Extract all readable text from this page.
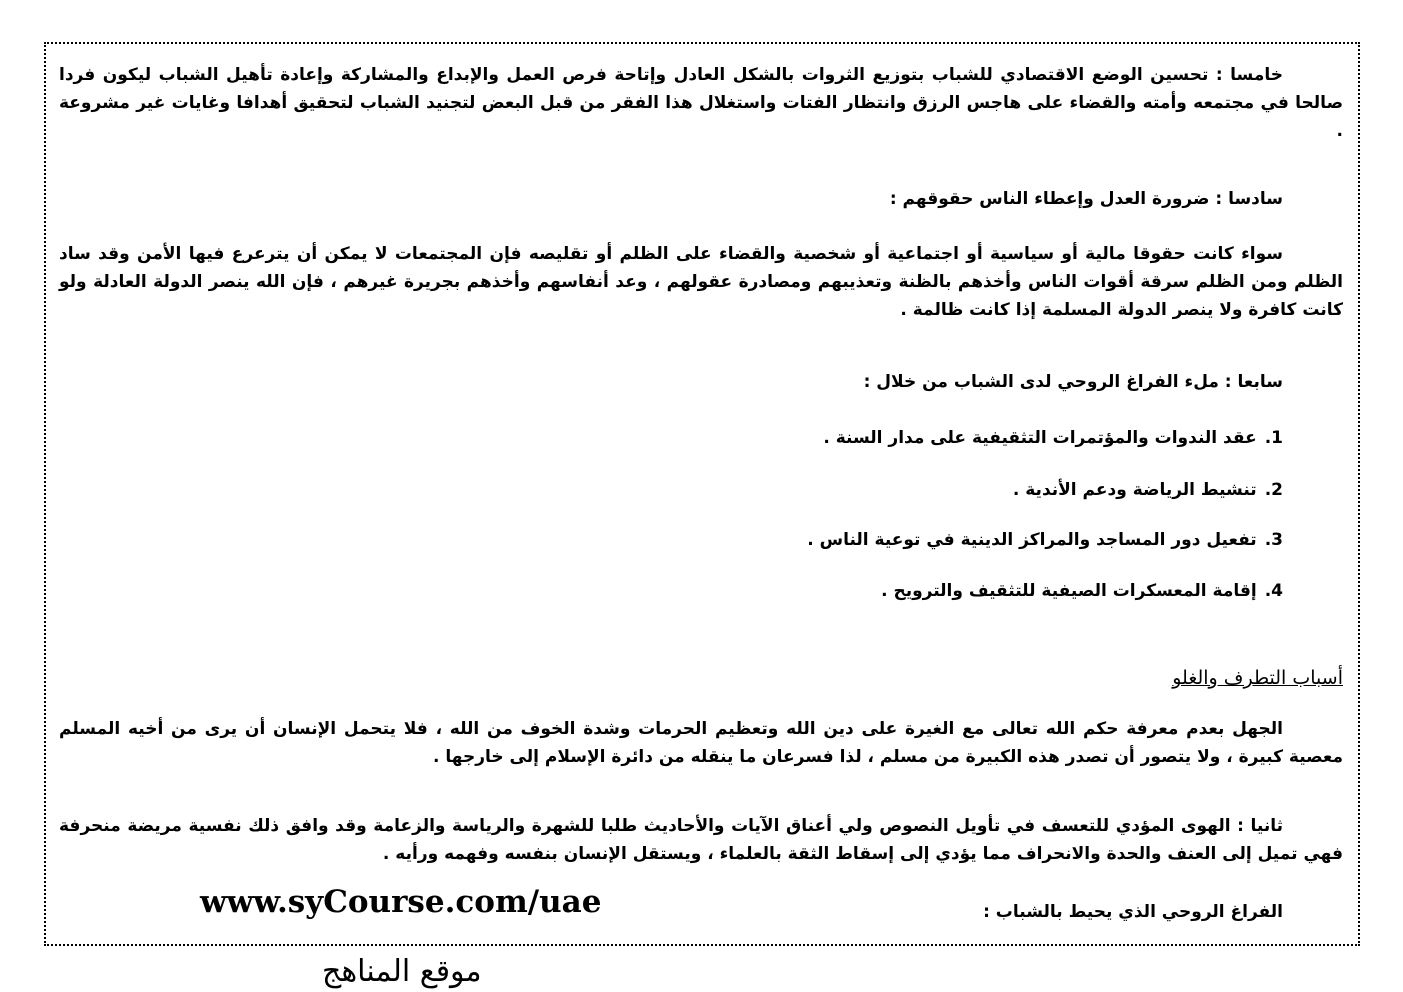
خامسا : تحسين الوضع الاقتصادي للشباب بتوزيع الثروات بالشكل العادل وإتاحة فرص العمل والإبداع والمشاركة وإعادة تأهيل الشباب ليكون فردا صالحا في مجتمعه وأمته والقضاء على هاجس الرزق وانتظار الفتات واستغلال هذا الفقر من قبل البعض لتجنيد الشباب لتحقيق أهدافا وغايات غير مشروعة .

سادسا : ضرورة العدل وإعطاء الناس حقوقهم :

سواء كانت حقوقا مالية أو سياسية أو اجتماعية أو شخصية والقضاء على الظلم أو تقليصه فإن المجتمعات لا يمكن أن يترعرع فيها الأمن وقد ساد الظلم ومن الظلم سرقة أقوات الناس وأخذهم بالظنة وتعذيبهم ومصادرة عقولهم ، وعد أنفاسهم وأخذهم بجريرة غيرهم ، فإن الله ينصر الدولة العادلة ولو كانت كافرة ولا ينصر الدولة المسلمة إذا كانت ظالمة .

سابعا : ملء الفراغ الروحي لدى الشباب من خلال :

1.
عقد الندوات والمؤتمرات التثقيفية على مدار السنة .
2.
تنشيط الرياضة ودعم الأندية .
3.
تفعيل دور المساجد والمراكز الدينية في توعية الناس .
4.
إقامة المعسكرات الصيفية للتثقيف والترويح .

أسباب التطرف والغلو

الجهل بعدم معرفة حكم الله تعالى مع الغيرة على دين الله وتعظيم الحرمات وشدة الخوف من الله ، فلا يتحمل الإنسان أن يرى من أخيه المسلم معصية كبيرة ، ولا يتصور أن تصدر هذه الكبيرة من مسلم ، لذا فسرعان ما ينقله من دائرة الإسلام إلى خارجها .

ثانيا : الهوى المؤدي للتعسف في تأويل النصوص ولي أعناق الآيات والأحاديث طلبا للشهرة والرياسة والزعامة وقد وافق ذلك نفسية مريضة منحرفة فهي تميل إلى العنف والحدة والانحراف مما يؤدي إلى إسقاط الثقة بالعلماء ، ويستقل الإنسان بنفسه وفهمه ورأيه .

الفراغ الروحي الذي يحيط بالشباب :

www.syCourse.com/uae

موقع المناهج
